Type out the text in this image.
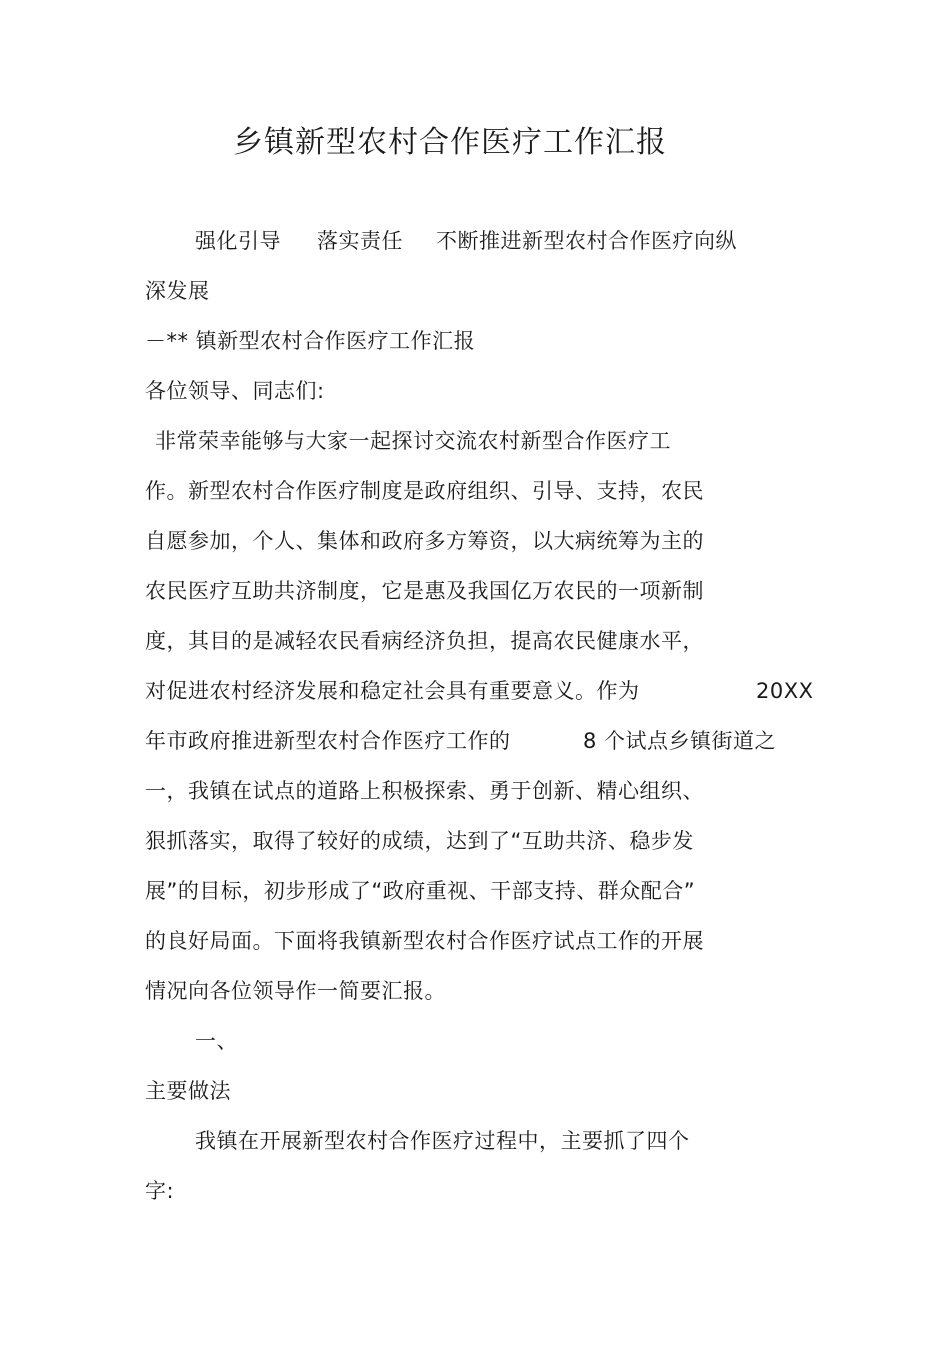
乡镇新型农村合作医疗工作汇报
强化引导 落实责任 不断推进新型农村合作医疗向纵
深发展
－** 镇新型农村合作医疗工作汇报
各位领导、同志们:
非常荣幸能够与大家一起探讨交流农村新型合作医疗工
作。新型农村合作医疗制度是政府组织、引导、支持，农民
自愿参加，个人、集体和政府多方筹资，以大病统筹为主的
农民医疗互助共济制度，它是惠及我国亿万农民的一项新制
度，其目的是减轻农民看病经济负担，提高农民健康水平，
对促进农村经济发展和稳定社会具有重要意义。作为	20XX
年市政府推进新型农村合作医疗工作的	8 个试点乡镇街道之
一，我镇在试点的道路上积极探索、勇于创新、精心组织、
狠抓落实，取得了较好的成绩，达到了“互助共济、稳步发
展”的目标，初步形成了“政府重视、干部支持、群众配合”
的良好局面。下面将我镇新型农村合作医疗试点工作的开展
情况向各位领导作一简要汇报。
一、
主要做法
我镇在开展新型农村合作医疗过程中，主要抓了四个
字:
